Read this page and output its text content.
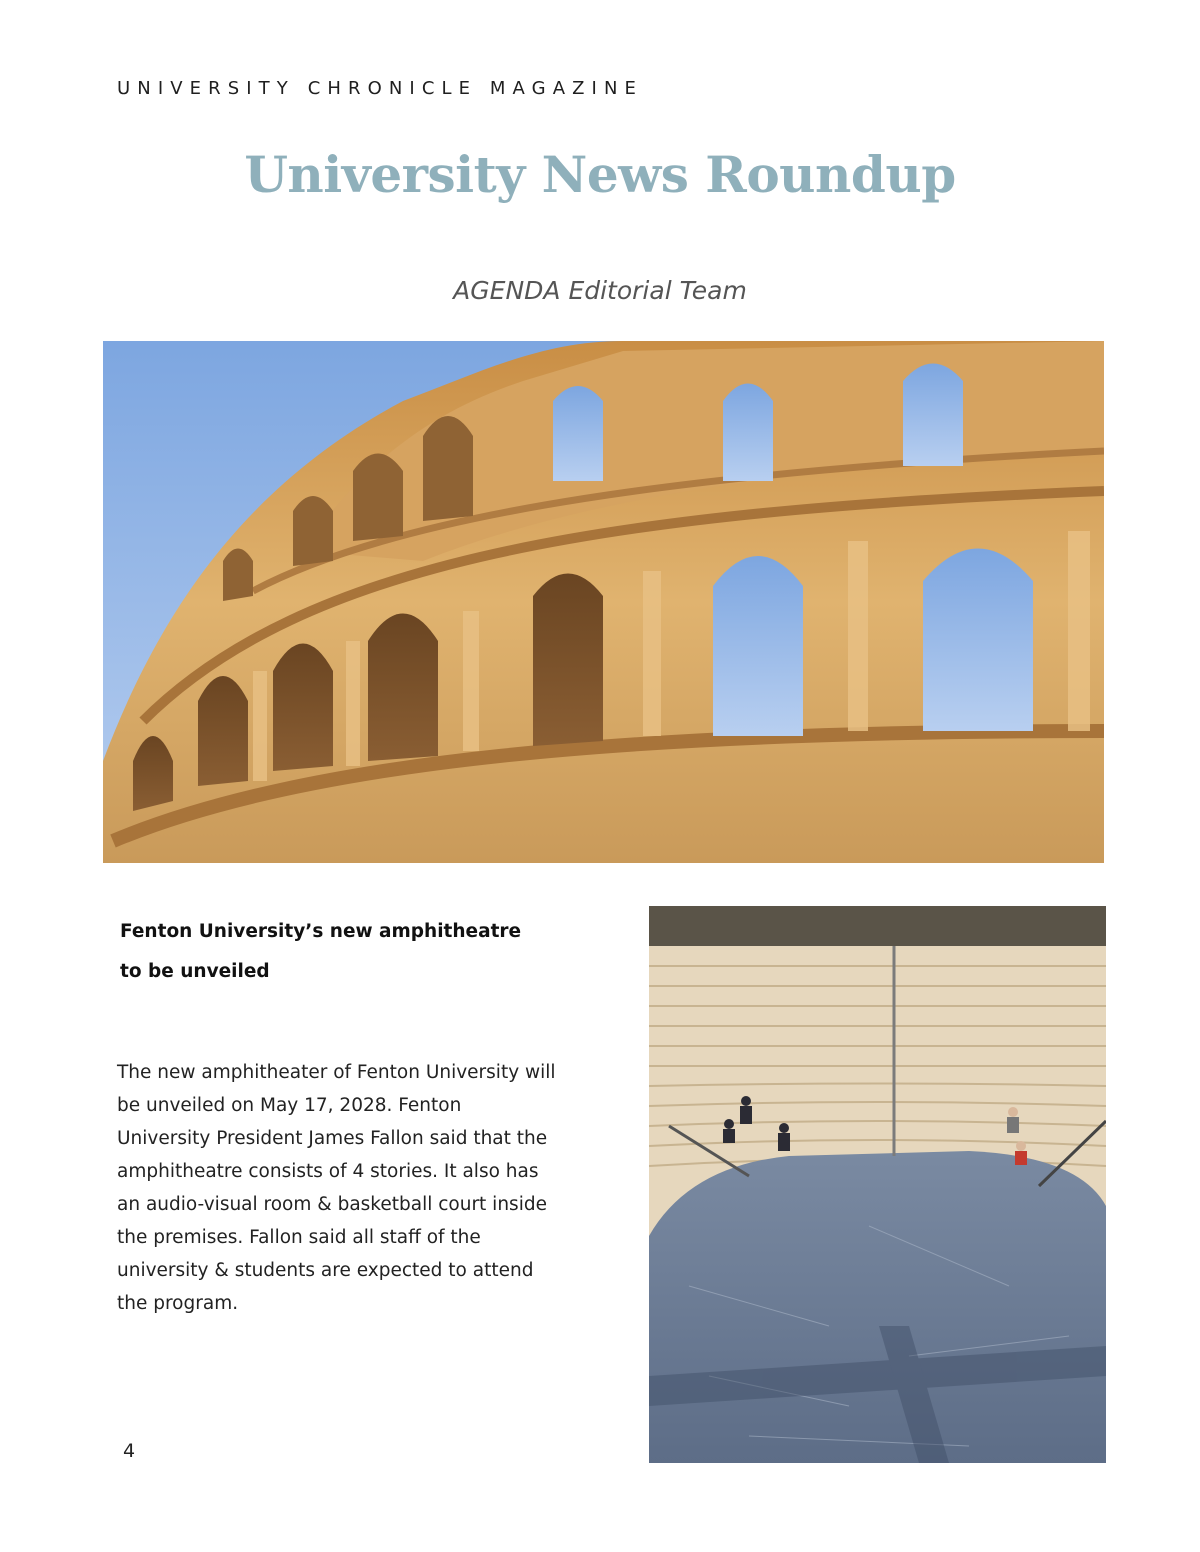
UNIVERSITY CHRONICLE MAGAZINE
University News Roundup
AGENDA Editorial Team
Fenton University’s new amphitheatre to be unveiled
The new amphitheater of Fenton University will be unveiled on May 17, 2028. Fenton University President James Fallon said that the amphitheatre consists of 4 stories. It also has an audio-visual room & basketball court inside the premises. Fallon said all staff of the university & students are expected to attend the program.
4
